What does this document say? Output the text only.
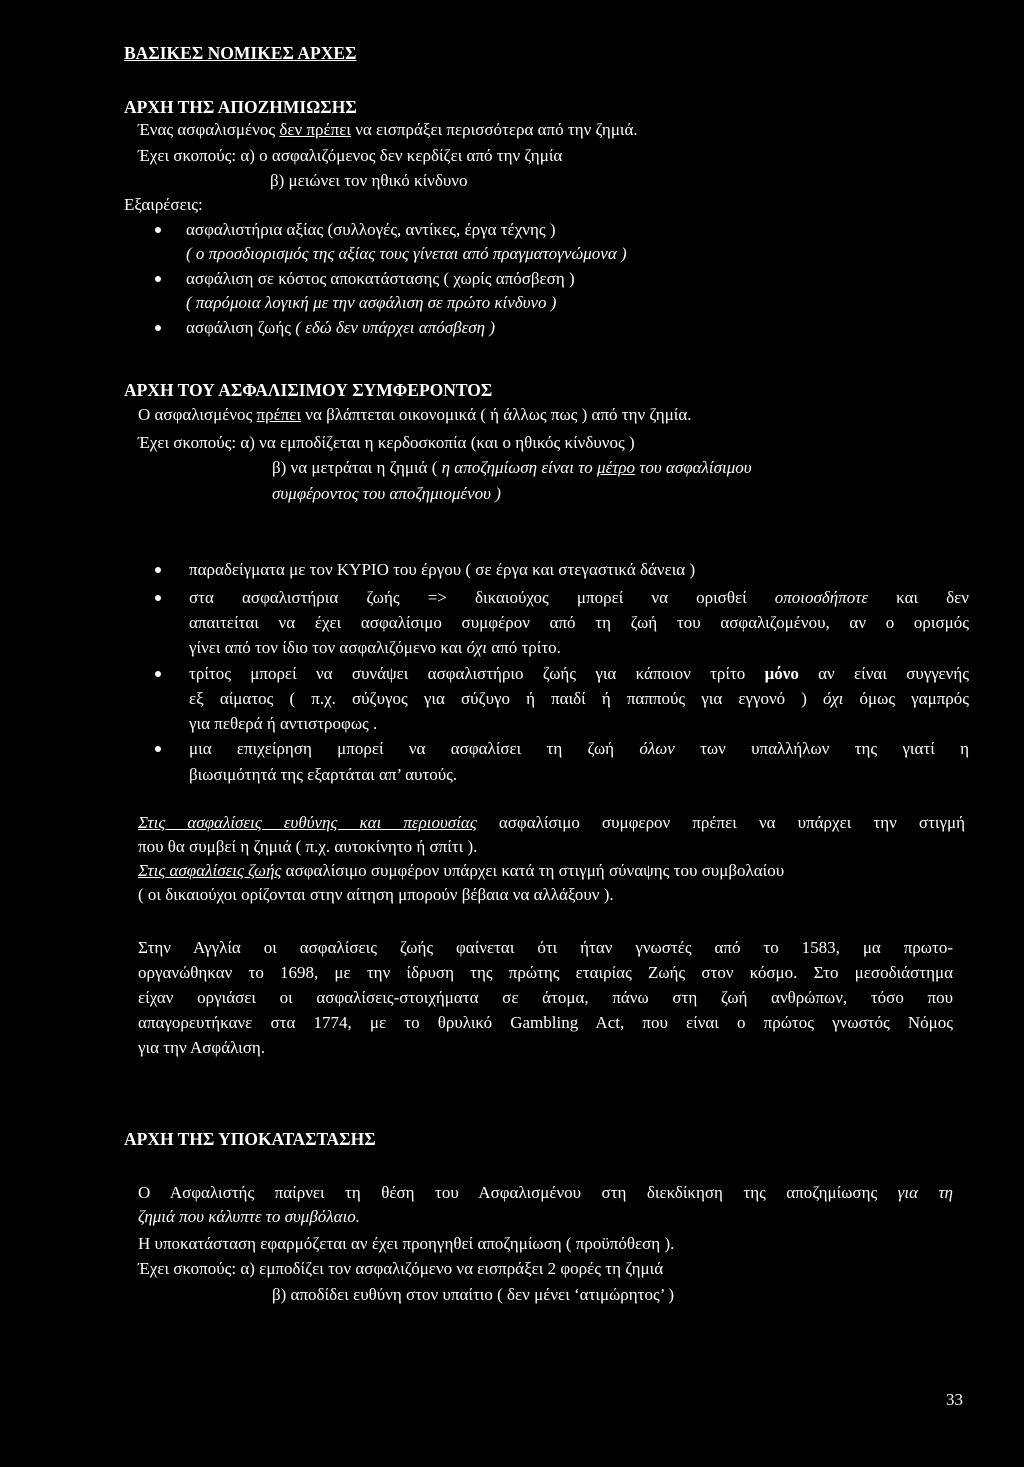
ΒΑΣΙΚΕΣ ΝΟΜΙΚΕΣ ΑΡΧΕΣ
ΑΡΧΗ ΤΗΣ ΑΠΟΖΗΜΙΩΣΗΣ
Ένας ασφαλισμένος δεν πρέπει να εισπράξει περισσότερα από την ζημιά.
Έχει σκοπούς: α) ο ασφαλιζόμενος δεν κερδίζει από την ζημία
β) μειώνει τον ηθικό κίνδυνο
Εξαιρέσεις:
ασφαλιστήρια αξίας (συλλογές, αντίκες, έργα τέχνης )
( ο προσδιορισμός της αξίας τους γίνεται από πραγματογνώμονα )
ασφάλιση σε κόστος αποκατάστασης ( χωρίς απόσβεση )
( παρόμοια λογική με την ασφάλιση σε πρώτο κίνδυνο )
ασφάλιση ζωής ( εδώ δεν υπάρχει απόσβεση )
ΑΡΧΗ ΤΟΥ ΑΣΦΑΛΙΣΙΜΟΥ ΣΥΜΦΕΡΟΝΤΟΣ
Ο ασφαλισμένος πρέπει να βλάπτεται οικονομικά ( ή άλλως πως ) από την ζημία.
Έχει σκοπούς: α) να εμποδίζεται η κερδοσκοπία (και ο ηθικός κίνδυνος )
β) να μετράται η ζημιά ( η αποζημίωση είναι το μέτρο του ασφαλίσιμου
συμφέροντος του αποζημιομένου )
παραδείγματα με τον ΚΥΡΙΟ του έργου ( σε έργα και στεγαστικά δάνεια )
στα ασφαλιστήρια ζωής => δικαιούχος μπορεί να ορισθεί οποιοσδήποτε και δεν
απαιτείται να έχει ασφαλίσιμο συμφέρον από τη ζωή του ασφαλιζομένου, αν ο ορισμός
γίνει από τον ίδιο τον ασφαλιζόμενο και όχι από τρίτο.
τρίτος μπορεί να συνάψει ασφαλιστήριο ζωής για κάποιον τρίτο μόνο αν είναι συγγενής
εξ αίματος ( π.χ. σύζυγος για σύζυγο ή παιδί ή παππούς για εγγονό ) όχι όμως γαμπρός
για πεθερά ή αντιστροφως .
μια επιχείρηση μπορεί να ασφαλίσει τη ζωή όλων των υπαλλήλων της γιατί η
βιωσιμότητά της εξαρτάται απ’ αυτούς.
Στις ασφαλίσεις ευθύνης και περιουσίας ασφαλίσιμο συμφερον πρέπει να υπάρχει την στιγμή
που θα συμβεί η ζημιά ( π.χ. αυτοκίνητο ή σπίτι ).
Στις ασφαλίσεις ζωής ασφαλίσιμο συμφέρον υπάρχει κατά τη στιγμή σύναψης του συμβολαίου
( οι δικαιούχοι ορίζονται στην αίτηση μπορούν βέβαια να αλλάξουν ).
Στην Αγγλία οι ασφαλίσεις ζωής φαίνεται ότι ήταν γνωστές από το 1583, μα πρωτο-
οργανώθηκαν το 1698, με την ίδρυση της πρώτης εταιρίας Ζωής στον κόσμο. Στο μεσοδιάστημα
είχαν οργιάσει οι ασφαλίσεις-στοιχήματα σε άτομα, πάνω στη ζωή ανθρώπων, τόσο που
απαγορευτήκανε στα 1774, με το θρυλικό Gambling Act, που είναι ο πρώτος γνωστός Νόμος
για την Ασφάλιση.
ΑΡΧΗ ΤΗΣ ΥΠΟΚΑΤΑΣΤΑΣΗΣ
Ο Ασφαλιστής παίρνει τη θέση του Ασφαλισμένου στη διεκδίκηση της αποζημίωσης για τη
ζημιά που κάλυπτε το συμβόλαιο.
Η υποκατάσταση εφαρμόζεται αν έχει προηγηθεί αποζημίωση ( προϋπόθεση ).
Έχει σκοπούς: α) εμποδίζει τον ασφαλιζόμενο να εισπράξει 2 φορές τη ζημιά
β) αποδίδει ευθύνη στον υπαίτιο ( δεν μένει ‘ατιμώρητος’ )
33
